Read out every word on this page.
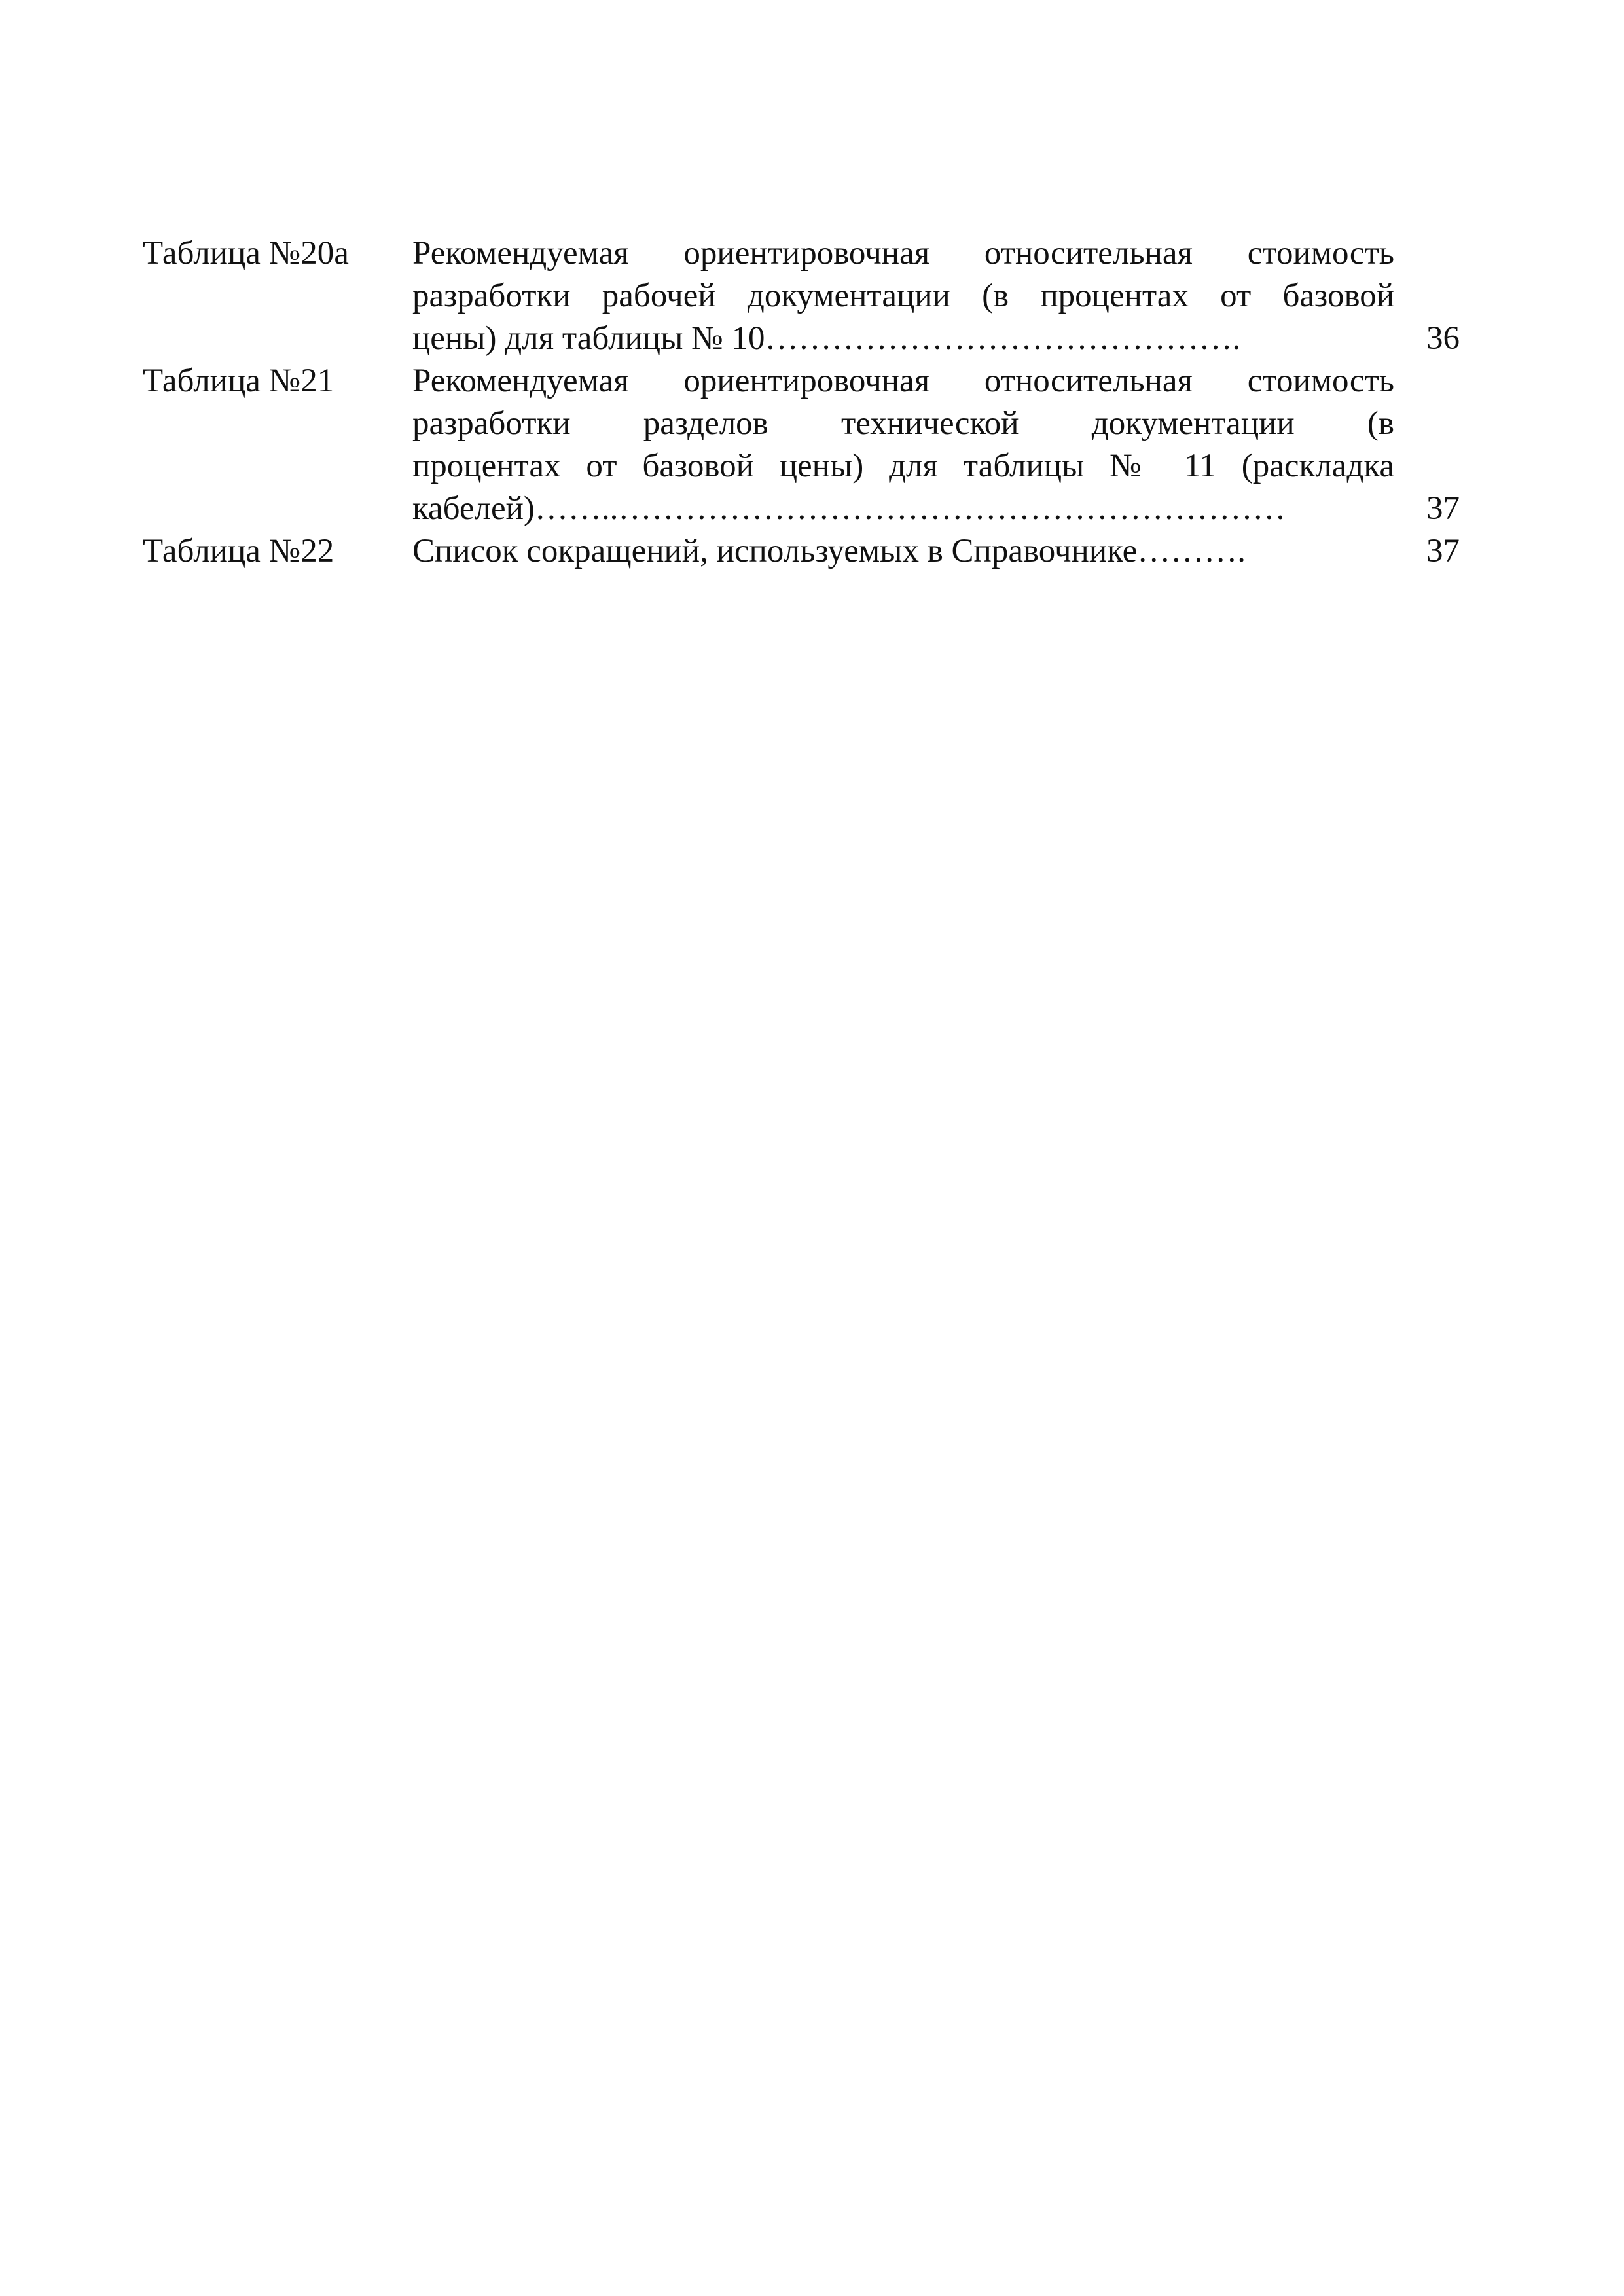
Таблица №20а	Рекомендуемая ориентировочная относительная стоимость
разработки рабочей документации (в процентах от базовой
цены) для таблицы № 10…………………………………….	36
Таблица №21	Рекомендуемая ориентировочная относительная стоимость
разработки разделов технической документации (в
процентах от базовой цены) для таблицы № 11 (раскладка
кабелей)……..……………………………………………………	37
Таблица №22	Список сокращений, используемых в Справочнике……….	37
